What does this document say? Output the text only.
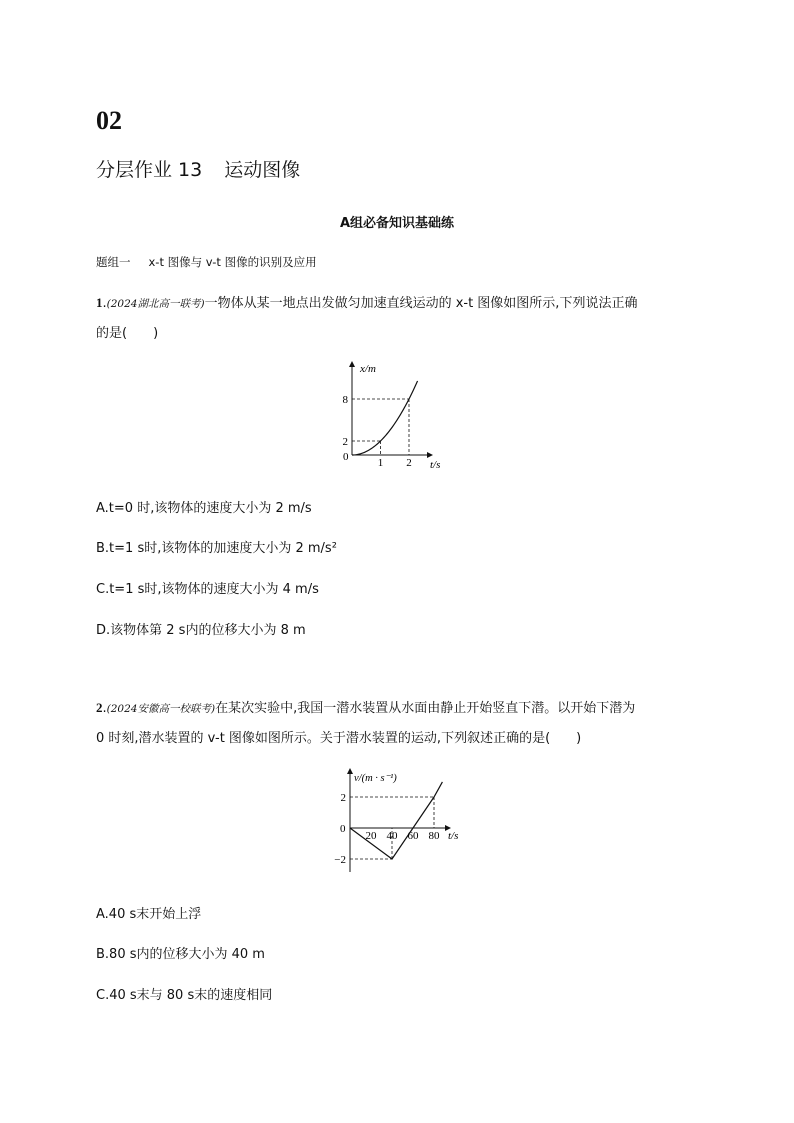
02
分层作业 13 运动图像
A组必备知识基础练
题组一 x-t 图像与 v-t 图像的识别及应用
1.(2024湖北高一联考)一物体从某一地点出发做匀加速直线运动的 x-t 图像如图所示,下列说法正确
的是(　　)
x/m
t/s
0	1 2
2
8
A.t=0 时,该物体的速度大小为 2 m/s
B.t=1 s时,该物体的加速度大小为 2 m/s²
C.t=1 s时,该物体的速度大小为 4 m/s
D.该物体第 2 s内的位移大小为 8 m
2.(2024安徽高一校联考)在某次实验中,我国一潜水装置从水面由静止开始竖直下潜。以开始下潜为
0 时刻,潜水装置的 v-t 图像如图所示。关于潜水装置的运动,下列叙述正确的是(　　)
v/(m · s⁻¹)
t/s
0
20 40 60 80
2
−2
A.40 s末开始上浮
B.80 s内的位移大小为 40 m
C.40 s末与 80 s末的速度相同
